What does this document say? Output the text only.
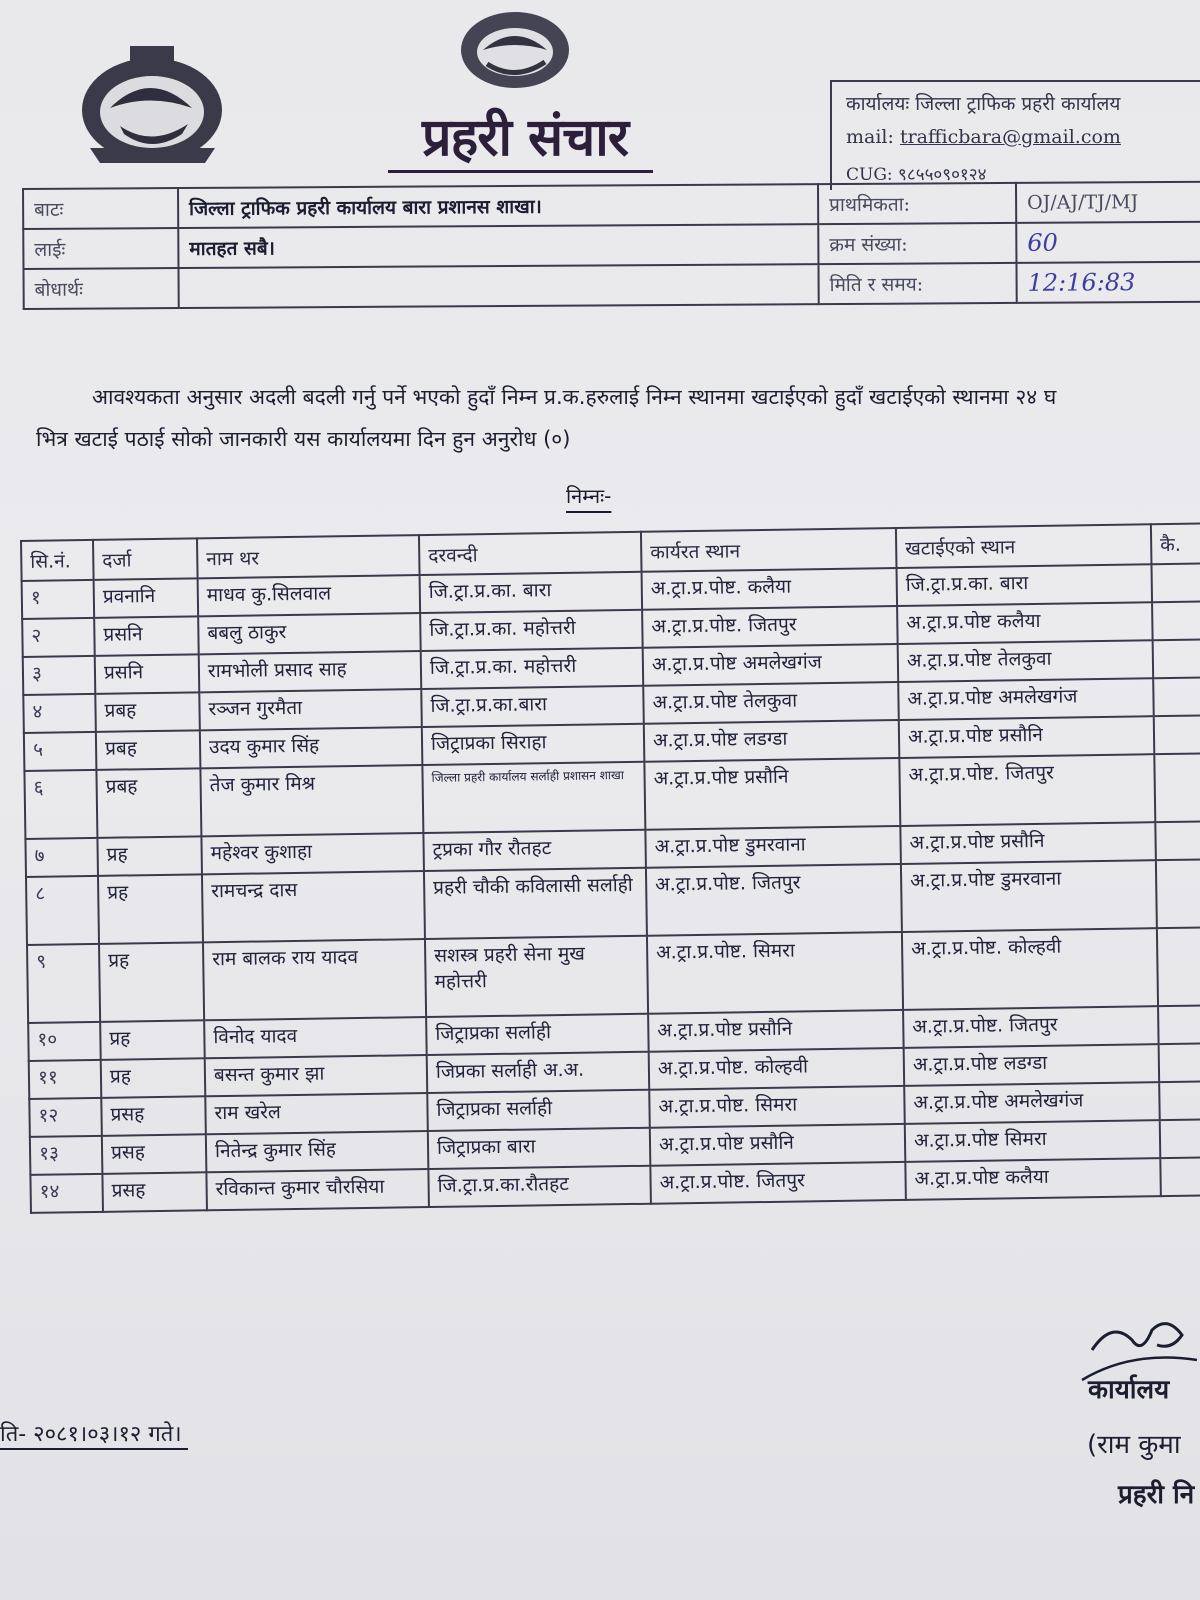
प्रहरी संचार
कार्यालयः जिल्ला ट्राफिक प्रहरी कार्यालय
mail: trafficbara@gmail.com
CUG: ९८५५०९०१२४
बाटः	जिल्ला ट्राफिक प्रहरी कार्यालय बारा प्रशानस शाखा।	प्राथमिकता:	OJ/AJ/TJ/MJ
लाईः	मातहत सबै।	क्रम संख्या:	60
बोधार्थः		मिति र समय:	12:16:83
आवश्यकता अनुसार अदली बदली गर्नु पर्ने भएको हुदाँ निम्न प्र.क.हरुलाई निम्न स्थानमा खटाईएको हुदाँ खटाईएको स्थानमा २४ घ
भित्र खटाई पठाई सोको जानकारी यस कार्यालयमा दिन हुन अनुरोध (०)
निम्नः-
सि.नं.	दर्जा	नाम थर	दरवन्दी	कार्यरत स्थान	खटाईएको स्थान	कै.
१	प्रवनानि	माधव कु.सिलवाल	जि.ट्रा.प्र.का. बारा	अ.ट्रा.प्र.पोष्ट. कलैया	जि.ट्रा.प्र.का. बारा	
२	प्रसनि	बबलु ठाकुर	जि.ट्रा.प्र.का. महोत्तरी	अ.ट्रा.प्र.पोष्ट. जितपुर	अ.ट्रा.प्र.पोष्ट कलैया	
३	प्रसनि	रामभोली प्रसाद साह	जि.ट्रा.प्र.का. महोत्तरी	अ.ट्रा.प्र.पोष्ट अमलेखगंज	अ.ट्रा.प्र.पोष्ट तेलकुवा	
४	प्रबह	रञ्जन गुरमैता	जि.ट्रा.प्र.का.बारा	अ.ट्रा.प्र.पोष्ट तेलकुवा	अ.ट्रा.प्र.पोष्ट अमलेखगंज	
५	प्रबह	उदय कुमार सिंह	जिट्राप्रका सिराहा	अ.ट्रा.प्र.पोष्ट लडग्डा	अ.ट्रा.प्र.पोष्ट प्रसौनि	
६	प्रबह	तेज कुमार मिश्र	जिल्ला प्रहरी कार्यालय सर्लाही प्रशासन शाखा	अ.ट्रा.प्र.पोष्ट प्रसौनि	अ.ट्रा.प्र.पोष्ट. जितपुर	
७	प्रह	महेश्वर कुशाहा	ट्रप्रका गौर रौतहट	अ.ट्रा.प्र.पोष्ट डुमरवाना	अ.ट्रा.प्र.पोष्ट प्रसौनि	
८	प्रह	रामचन्द्र दास	प्रहरी चौकी कविलासी सर्लाही	अ.ट्रा.प्र.पोष्ट. जितपुर	अ.ट्रा.प्र.पोष्ट डुमरवाना	
९	प्रह	राम बालक राय यादव	सशस्त्र प्रहरी सेना मुख महोत्तरी	अ.ट्रा.प्र.पोष्ट. सिमरा	अ.ट्रा.प्र.पोष्ट. कोल्हवी	
१०	प्रह	विनोद यादव	जिट्राप्रका सर्लाही	अ.ट्रा.प्र.पोष्ट प्रसौनि	अ.ट्रा.प्र.पोष्ट. जितपुर	
११	प्रह	बसन्त कुमार झा	जिप्रका सर्लाही अ.अ.	अ.ट्रा.प्र.पोष्ट. कोल्हवी	अ.ट्रा.प्र.पोष्ट लडग्डा	
१२	प्रसह	राम खरेल	जिट्राप्रका सर्लाही	अ.ट्रा.प्र.पोष्ट. सिमरा	अ.ट्रा.प्र.पोष्ट अमलेखगंज	
१३	प्रसह	नितेन्द्र कुमार सिंह	जिट्राप्रका बारा	अ.ट्रा.प्र.पोष्ट प्रसौनि	अ.ट्रा.प्र.पोष्ट सिमरा	
१४	प्रसह	रविकान्त कुमार चौरसिया	जि.ट्रा.प्र.का.रौतहट	अ.ट्रा.प्र.पोष्ट. जितपुर	अ.ट्रा.प्र.पोष्ट कलैया	
ति- २०८१।०३।१२ गते।
कार्यालय
(राम कुमा
प्रहरी नि
